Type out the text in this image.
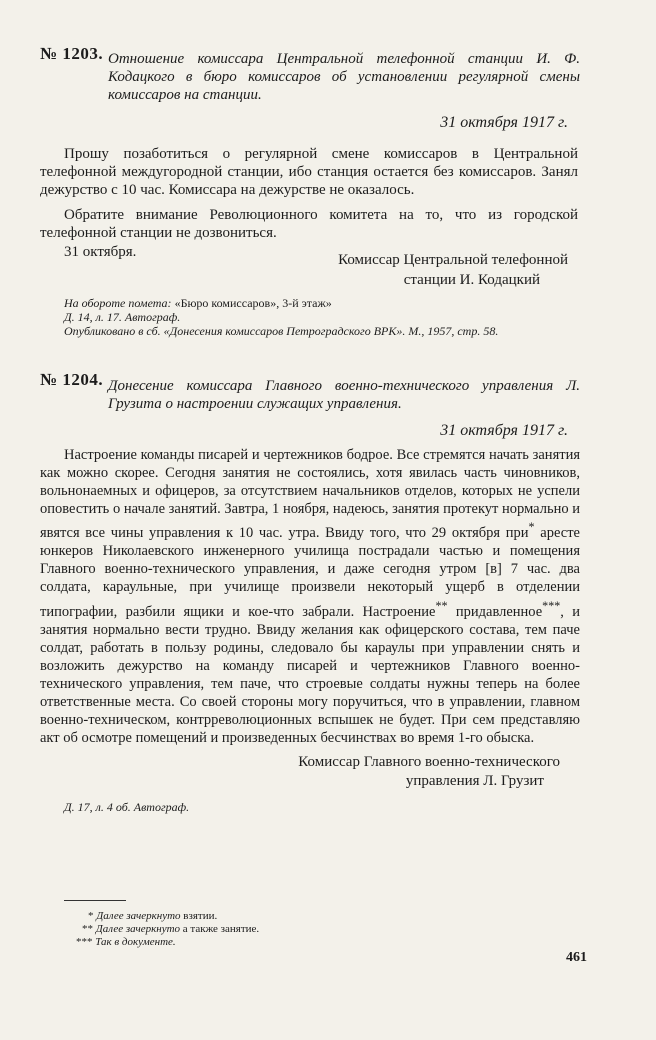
№ 1203. Отношение комиссара Центральной телефонной станции И. Ф. Кодацкого в бюро комиссаров об установлении регулярной смены комиссаров на станции.
31 октября 1917 г.

Прошу позаботиться о регулярной смене комиссаров в Центральной телефонной междугородной станции, ибо станция остается без комиссаров. Занял дежурство с 10 час. Комиссара на дежурстве не оказалось.

Обратите внимание Революционного комитета на то, что из городской телефонной станции не дозвониться.

31 октября.	Комиссар Центральной телефонной
станции И. Кодацкий
На обороте помета: «Бюро комиссаров», 3-й этаж»
Д. 14, л. 17. Автограф.
Опубликовано в сб. «Донесения комиссаров Петроградского ВРК». М., 1957, стр. 58.
№ 1204. Донесение комиссара Главного военно-технического управления Л. Грузита о настроении служащих управления.
31 октября 1917 г.

Настроение команды писарей и чертежников бодрое. Все стремятся начать занятия как можно скорее. Сегодня занятия не состоялись, хотя явилась часть чиновников, вольнонаемных и офицеров, за отсутствием начальников отделов, которых не успели оповестить о начале занятий. Завтра, 1 ноября, надеюсь, занятия протекут нормально и явятся все чины управления к 10 час. утра. Ввиду того, что 29 октября при* аресте юнкеров Николаевского инженерного училища пострадали частью и помещения Главного военно-технического управления, и даже сегодня утром [в] 7 час. два солдата, караульные, при училище произвели некоторый ущерб в отделении типографии, разбили ящики и кое-что забрали. Настроение** придавленное***, и занятия нормально вести трудно. Ввиду желания как офицерского состава, тем паче солдат, работать в пользу родины, следовало бы караулы при управлении снять и возложить дежурство на команду писарей и чертежников Главного военно-технического управления, тем паче, что строевые солдаты нужны теперь на более ответственные места. Со своей стороны могу поручиться, что в управлении, главном военно-техническом, контрреволюционных вспышек не будет. При сем представляю акт об осмотре помещений и произведенных бесчинствах во время 1-го обыска.

Комиссар Главного военно-технического
управления Л. Грузит
Д. 17, л. 4 об. Автограф.
* Далее зачеркнуто взятии.
** Далее зачеркнуто а также занятие.
*** Так в документе.
461
